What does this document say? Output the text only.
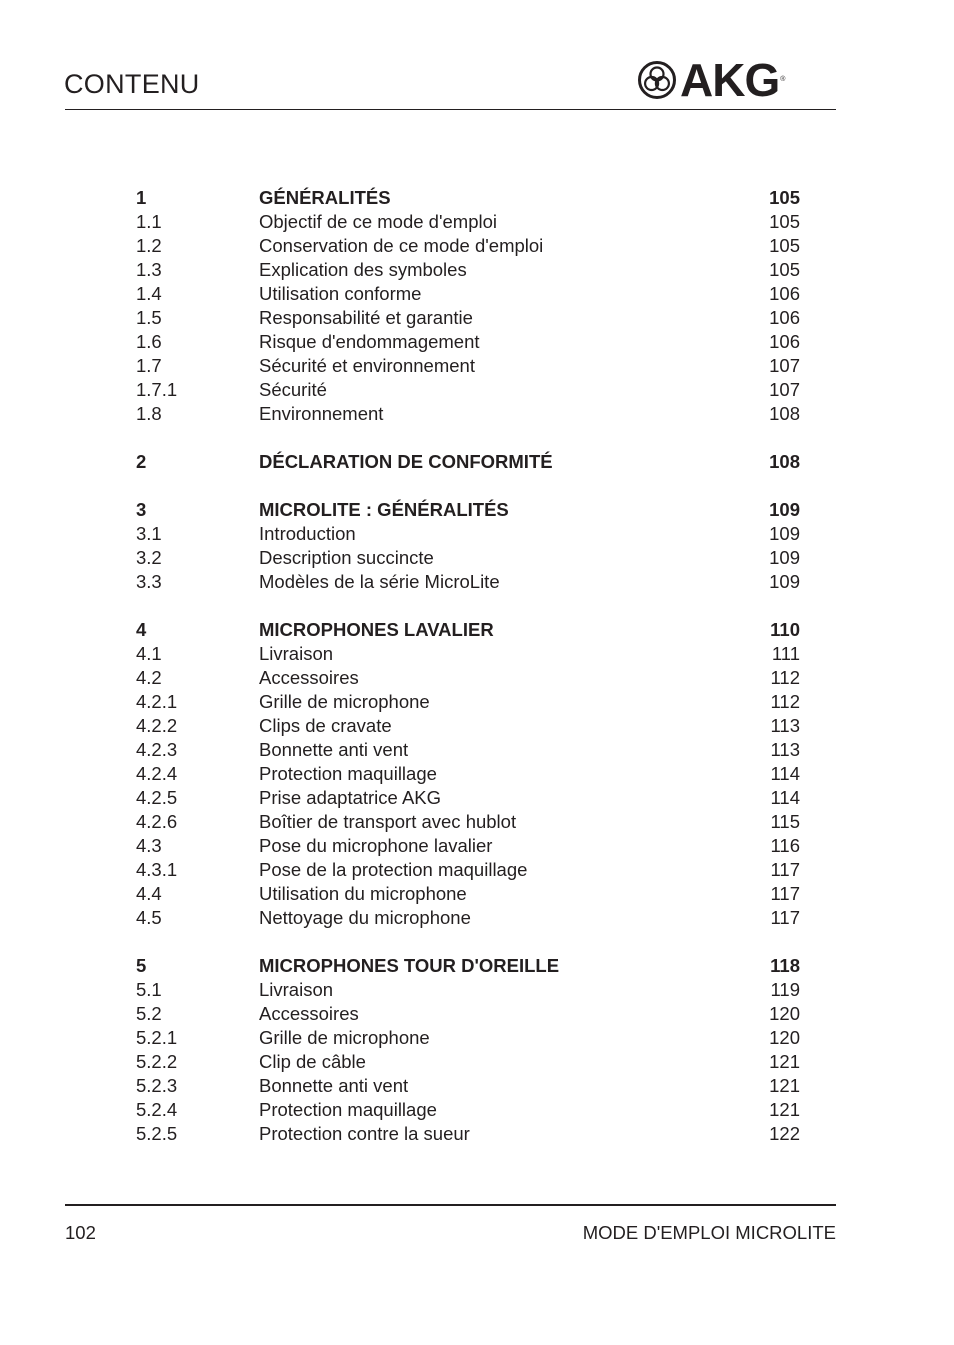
CONTENU	AKG ®
1	GÉNÉRALITÉS	105
1.1	Objectif de ce mode d'emploi	105
1.2	Conservation de ce mode d'emploi	105
1.3	Explication des symboles	105
1.4	Utilisation conforme	106
1.5	Responsabilité et garantie	106
1.6	Risque d'endommagement	106
1.7	Sécurité et environnement	107
1.7.1	Sécurité	107
1.8	Environnement	108
2	DÉCLARATION DE CONFORMITÉ	108
3	MICROLITE : GÉNÉRALITÉS	109
3.1	Introduction	109
3.2	Description succincte	109
3.3	Modèles de la série MicroLite	109
4	MICROPHONES LAVALIER	110
4.1	Livraison	111
4.2	Accessoires	112
4.2.1	Grille de microphone	112
4.2.2	Clips de cravate	113
4.2.3	Bonnette anti vent	113
4.2.4	Protection maquillage	114
4.2.5	Prise adaptatrice AKG	114
4.2.6	Boîtier de transport avec hublot	115
4.3	Pose du microphone lavalier	116
4.3.1	Pose de la protection maquillage	117
4.4	Utilisation du microphone	117
4.5	Nettoyage du microphone	117
5	MICROPHONES TOUR D'OREILLE	118
5.1	Livraison	119
5.2	Accessoires	120
5.2.1	Grille de microphone	120
5.2.2	Clip de câble	121
5.2.3	Bonnette anti vent	121
5.2.4	Protection maquillage	121
5.2.5	Protection contre la sueur	122
102	MODE D'EMPLOI MICROLITE
